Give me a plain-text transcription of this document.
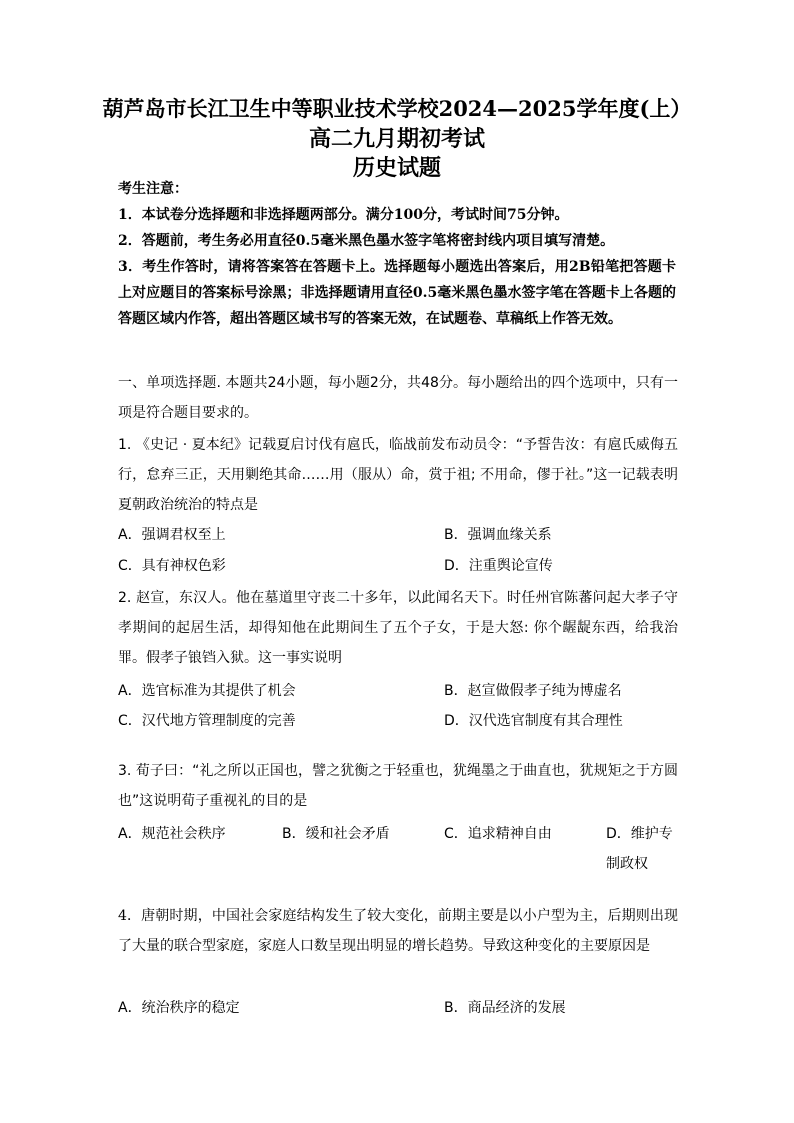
葫芦岛市长江卫生中等职业技术学校2024—2025学年度(上）
高二九月期初考试
历史试题
考生注意：
1．本试卷分选择题和非选择题两部分。满分100分，考试时间75分钟。
2．答题前，考生务必用直径0.5毫米黑色墨水签字笔将密封线内项目填写清楚。
3．考生作答时，请将答案答在答题卡上。选择题每小题选出答案后，用2B铅笔把答题卡上对应题目的答案标号涂黑；非选择题请用直径0.5毫米黑色墨水签字笔在答题卡上各题的答题区域内作答，超出答题区域书写的答案无效，在试题卷、草稿纸上作答无效。
一、单项选择题. 本题共24小题，每小题2分，共48分。每小题给出的四个选项中，只有一项是符合题目要求的。
1. 《史记 · 夏本纪》记载夏启讨伐有扈氏，临战前发布动员令：“予誓告汝：有扈氏威侮五行，怠弃三正，天用剿绝其命……用（服从）命，赏于祖; 不用命，僇于社。”这一记载表明夏朝政治统治的特点是
A．强调君权至上	B．强调血缘关系
C．具有神权色彩	D．注重舆论宣传
2. 赵宣，东汉人。他在墓道里守丧二十多年，以此闻名天下。时任州官陈蕃问起大孝子守孝期间的起居生活，却得知他在此期间生了五个子女，于是大怒: 你个龌龊东西，给我治罪。假孝子锒铛入狱。这一事实说明
A．选官标准为其提供了机会	B．赵宣做假孝子纯为博虚名
C．汉代地方管理制度的完善	D．汉代选官制度有其合理性
3. 荀子曰：“礼之所以正国也，譬之犹衡之于轻重也，犹绳墨之于曲直也，犹规矩之于方圆也”这说明荀子重视礼的目的是
A．规范社会秩序	B．缓和社会矛盾	C．追求精神自由	D．维护专制政权
4．唐朝时期，中国社会家庭结构发生了较大变化，前期主要是以小户型为主，后期则出现了大量的联合型家庭，家庭人口数呈现出明显的增长趋势。导致这种变化的主要原因是
A．统治秩序的稳定	B．商品经济的发展
